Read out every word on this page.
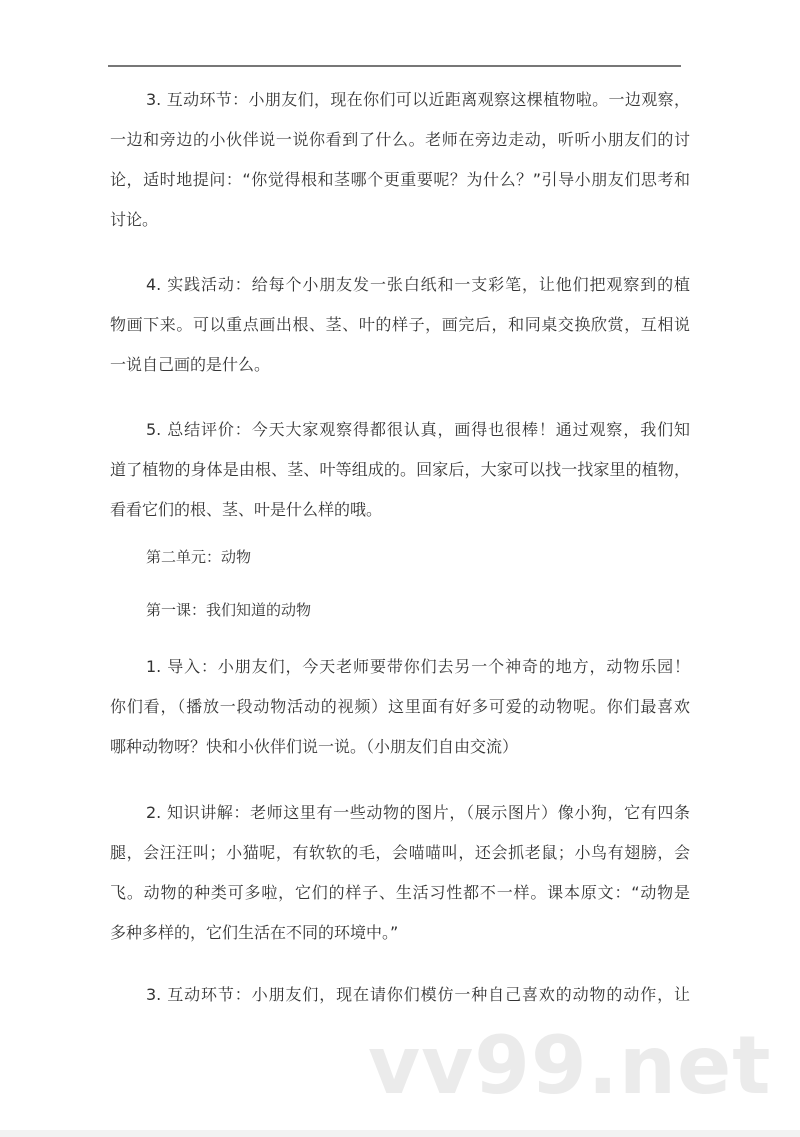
3. 互动环节：小朋友们，现在你们可以近距离观察这棵植物啦。一边观察，
一边和旁边的小伙伴说一说你看到了什么。老师在旁边走动，听听小朋友们的讨
论，适时地提问：“你觉得根和茎哪个更重要呢？为什么？”引导小朋友们思考和
讨论。
4. 实践活动：给每个小朋友发一张白纸和一支彩笔，让他们把观察到的植
物画下来。可以重点画出根、茎、叶的样子，画完后，和同桌交换欣赏，互相说
一说自己画的是什么。
5. 总结评价：今天大家观察得都很认真，画得也很棒！通过观察，我们知
道了植物的身体是由根、茎、叶等组成的。回家后，大家可以找一找家里的植物，
看看它们的根、茎、叶是什么样的哦。
第二单元：动物
第一课：我们知道的动物
1. 导入：小朋友们，今天老师要带你们去另一个神奇的地方，动物乐园！
你们看，（播放一段动物活动的视频）这里面有好多可爱的动物呢。你们最喜欢
哪种动物呀？快和小伙伴们说一说。（小朋友们自由交流）
2. 知识讲解：老师这里有一些动物的图片，（展示图片）像小狗，它有四条
腿，会汪汪叫；小猫呢，有软软的毛，会喵喵叫，还会抓老鼠；小鸟有翅膀，会
飞。动物的种类可多啦，它们的样子、生活习性都不一样。课本原文：“动物是
多种多样的，它们生活在不同的环境中。”
3. 互动环节：小朋友们，现在请你们模仿一种自己喜欢的动物的动作，让
vv99.net
